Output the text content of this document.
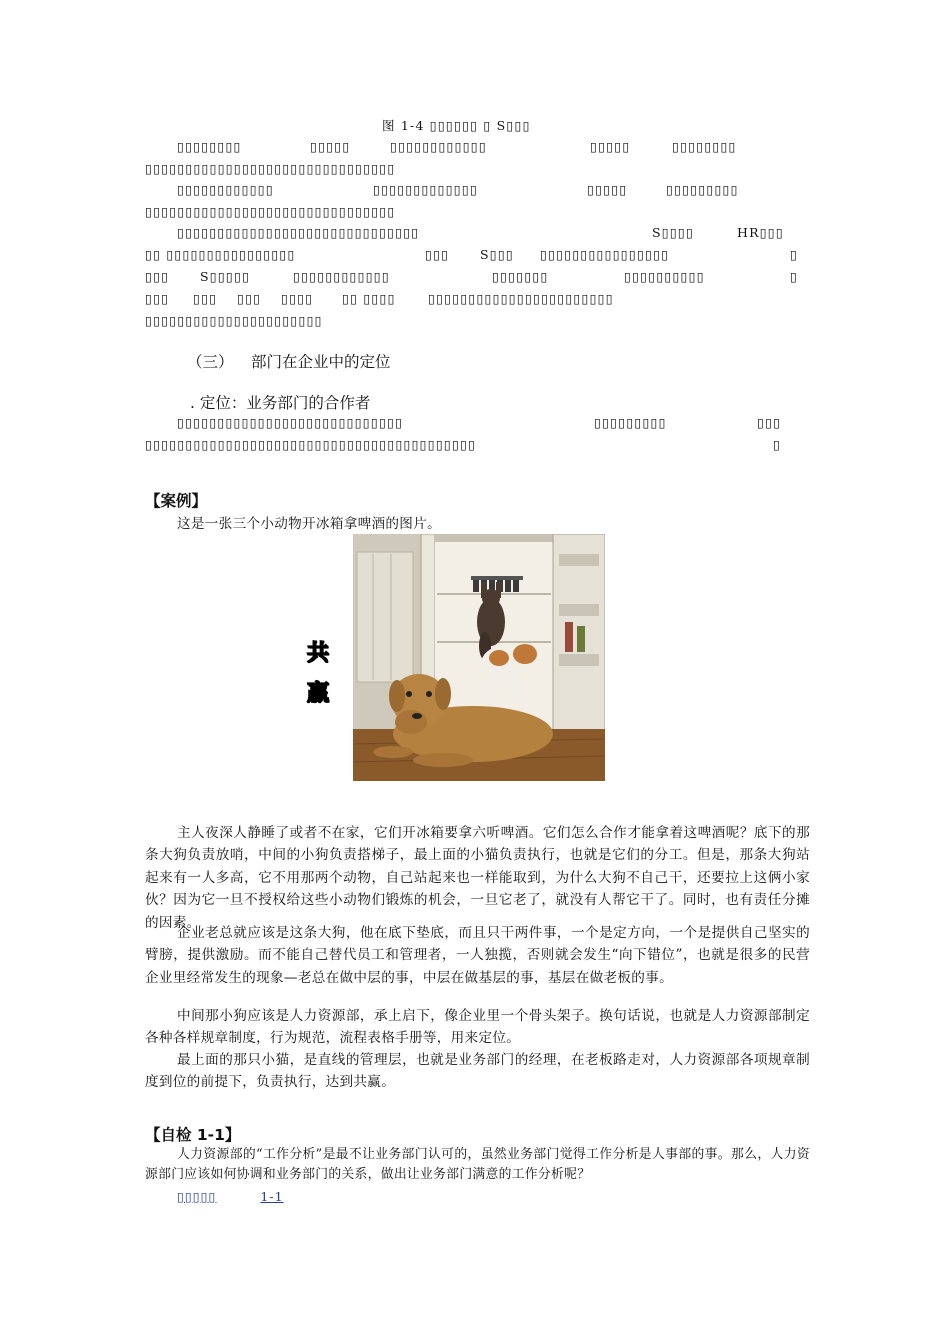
图 1-4 ▯▯▯▯▯▯ ▯ S▯▯▯
▯▯▯▯▯▯▯▯	▯▯▯▯▯	▯▯▯▯▯▯▯▯▯▯▯▯	▯▯▯▯▯	▯▯▯▯▯▯▯▯
▯▯▯▯▯▯▯▯▯▯▯▯▯▯▯▯▯▯▯▯▯▯▯▯▯▯▯▯▯▯▯
▯▯▯▯▯▯▯▯▯▯▯▯	▯▯▯▯▯▯▯▯▯▯▯▯▯	▯▯▯▯▯	▯▯▯▯▯▯▯▯▯
▯▯▯▯▯▯▯▯▯▯▯▯▯▯▯▯▯▯▯▯▯▯▯▯▯▯▯▯▯▯▯
▯▯▯▯▯▯▯▯▯▯▯▯▯▯▯▯▯▯▯▯▯▯▯▯▯▯▯▯▯▯	S▯▯▯▯	HR▯▯▯
▯▯ ▯▯▯▯▯▯▯▯▯▯▯▯▯▯▯▯	▯▯▯ S▯▯▯ ▯▯▯▯▯▯▯▯▯▯▯▯▯▯▯▯	▯
▯▯▯ S▯▯▯▯▯	▯▯▯▯▯▯▯▯▯▯▯▯	▯▯▯▯▯▯▯	▯▯▯▯▯▯▯▯▯▯	▯
▯▯▯ ▯▯▯ ▯▯▯ ▯▯▯▯ ▯▯ ▯▯▯▯	▯▯▯▯▯▯▯▯▯▯▯▯▯▯▯▯▯▯▯▯▯▯▯
▯▯▯▯▯▯▯▯▯▯▯▯▯▯▯▯▯▯▯▯▯▯
（三） 部门在企业中的定位
. 定位：业务部门的合作者
▯▯▯▯▯▯▯▯▯▯▯▯▯▯▯▯▯▯▯▯▯▯▯▯▯▯▯▯	▯▯▯▯▯▯▯▯▯	▯▯▯
▯▯▯▯▯▯▯▯▯▯▯▯▯▯▯▯▯▯▯▯▯▯▯▯▯▯▯▯▯▯▯▯▯▯▯▯▯▯▯▯▯	▯
【案例】
这是一张三个小动物开冰箱拿啤酒的图片。
共
赢
主人夜深人静睡了或者不在家，它们开冰箱要拿六听啤酒。它们怎么合作才能拿着这啤酒呢？底下的那条大狗负责放哨，中间的小狗负责搭梯子，最上面的小猫负责执行，也就是它们的分工。但是，那条大狗站起来有一人多高，它不用那两个动物，自己站起来也一样能取到，为什么大狗不自己干，还要拉上这俩小家伙？因为它一旦不授权给这些小动物们锻炼的机会，一旦它老了，就没有人帮它干了。同时，也有责任分摊的因素。
企业老总就应该是这条大狗，他在底下垫底，而且只干两件事，一个是定方向，一个是提供自己坚实的臂膀，提供激励。而不能自己替代员工和管理者，一人独揽，否则就会发生“向下错位”，也就是很多的民营企业里经常发生的现象—老总在做中层的事，中层在做基层的事，基层在做老板的事。
中间那小狗应该是人力资源部，承上启下，像企业里一个骨头架子。换句话说，也就是人力资源部制定各种各样规章制度，行为规范，流程表格手册等，用来定位。
最上面的那只小猫，是直线的管理层，也就是业务部门的经理，在老板路走对，人力资源部各项规章制度到位的前提下，负责执行，达到共赢。
【自检 1-1】
人力资源部的“工作分析”是最不让业务部门认可的，虽然业务部门觉得工作分析是人事部的事。那么，人力资源部门应该如何协调和业务部门的关系，做出让业务部门满意的工作分析呢？
▯▯▯▯▯	1-1
